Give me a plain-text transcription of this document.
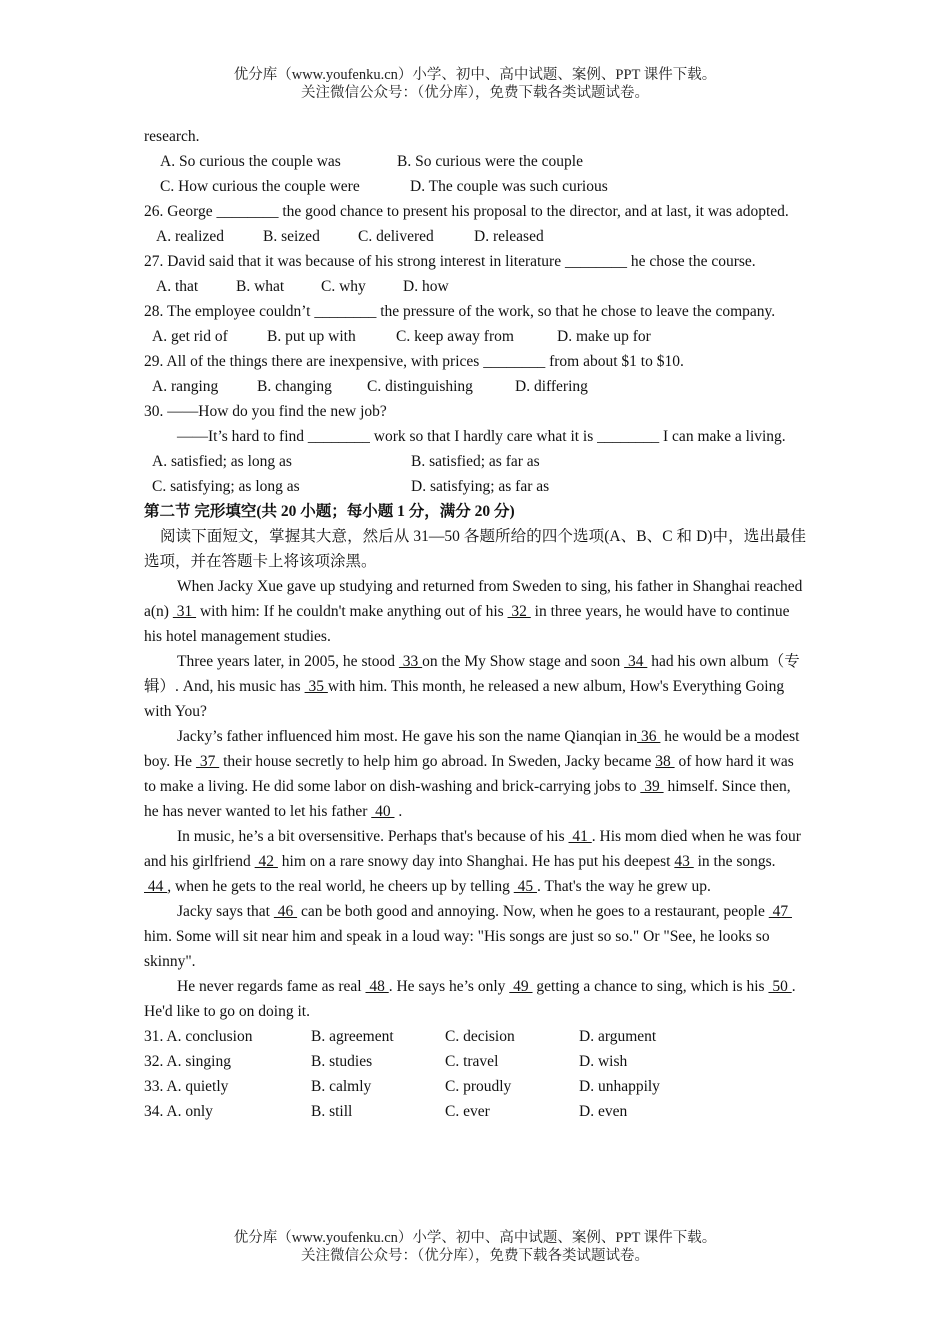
优分库（www.youfenku.cn）小学、初中、高中试题、案例、PPT 课件下载。
关注微信公众号：（优分库），免费下载各类试题试卷。

research.

A. So curious the couple was	B. So curious were the couple
C. How curious the couple were	D. The couple was such curious

26. George ________ the good chance to present his proposal to the director, and at last, it was adopted.

A. realized	B. seized	C. delivered	D. released

27. David said that it was because of his strong interest in literature ________ he chose the course.

A. that	B. what	C. why	D. how

28. The employee couldn’t ________ the pressure of the work, so that he chose to leave the company.

A. get rid of	B. put up with	C. keep away from	D. make up for

29. All of the things there are inexpensive, with prices ________ from about $1 to $10.

A. ranging	B. changing	C. distinguishing	D. differing

30. ——How do you find the new job?

——It’s hard to find ________ work so that I hardly care what it is ________ I can make a living.

A. satisfied; as long as	B. satisfied; as far as
C. satisfying; as long as	D. satisfying; as far as

第二节 完形填空(共 20 小题；每小题 1 分，满分 20 分)

阅读下面短文，掌握其大意，然后从 31—50 各题所给的四个选项(A、B、C 和 D)中，选出最佳选项，并在答题卡上将该项涂黑。

When Jacky Xue gave up studying and returned from Sweden to sing, his father in Shanghai reached a(n)  31  with him: If he couldn't make anything out of his  32  in three years, he would have to continue his hotel management studies.

Three years later, in 2005, he stood  33 on the My Show stage and soon  34  had his own album（专辑）. And, his music has  35 with him. This month, he released a new album, How's Everything Going with You?

Jacky’s father influenced him most. He gave his son the name Qianqian in 36  he would be a modest boy. He  37  their house secretly to help him go abroad. In Sweden, Jacky became 38  of how hard it was to make a living. He did some labor on dish-washing and brick-carrying jobs to  39  himself. Since then, he has never wanted to let his father  40  .

In music, he’s a bit oversensitive. Perhaps that's because of his  41 . His mom died when he was four and his girlfriend  42  him on a rare snowy day into Shanghai. He has put his deepest 43  in the songs.  44 , when he gets to the real world, he cheers up by telling  45 . That's the way he grew up.

Jacky says that  46  can be both good and annoying. Now, when he goes to a restaurant, people  47  him. Some will sit near him and speak in a loud way: "His songs are just so so." Or "See, he looks so skinny".

He never regards fame as real  48 . He says he’s only  49  getting a chance to sing, which is his  50 . He'd like to go on doing it.

31. A. conclusion	B. agreement	C. decision	D. argument
32. A. singing	B. studies	C. travel	D. wish
33. A. quietly	B. calmly	C. proudly	D. unhappily
34. A. only	B. still	C. ever	D. even
优分库（www.youfenku.cn）小学、初中、高中试题、案例、PPT 课件下载。
关注微信公众号：（优分库），免费下载各类试题试卷。
